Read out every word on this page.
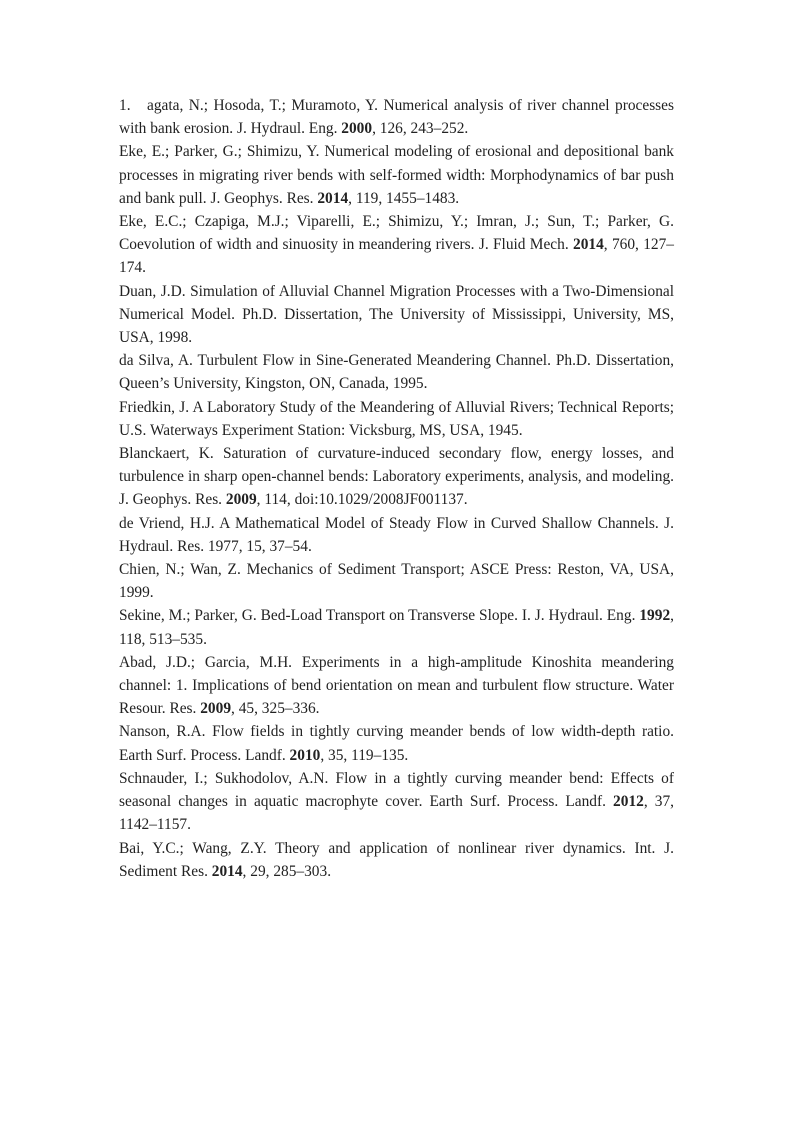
1. agata, N.; Hosoda, T.; Muramoto, Y. Numerical analysis of river channel processes with bank erosion. J. Hydraul. Eng. 2000, 126, 243–252.
Eke, E.; Parker, G.; Shimizu, Y. Numerical modeling of erosional and depositional bank processes in migrating river bends with self-formed width: Morphodynamics of bar push and bank pull. J. Geophys. Res. 2014, 119, 1455–1483.
Eke, E.C.; Czapiga, M.J.; Viparelli, E.; Shimizu, Y.; Imran, J.; Sun, T.; Parker, G. Coevolution of width and sinuosity in meandering rivers. J. Fluid Mech. 2014, 760, 127–174.
Duan, J.D. Simulation of Alluvial Channel Migration Processes with a Two-Dimensional Numerical Model. Ph.D. Dissertation, The University of Mississippi, University, MS, USA, 1998.
da Silva, A. Turbulent Flow in Sine-Generated Meandering Channel. Ph.D. Dissertation, Queen’s University, Kingston, ON, Canada, 1995.
Friedkin, J. A Laboratory Study of the Meandering of Alluvial Rivers; Technical Reports; U.S. Waterways Experiment Station: Vicksburg, MS, USA, 1945.
Blanckaert, K. Saturation of curvature-induced secondary flow, energy losses, and turbulence in sharp open-channel bends: Laboratory experiments, analysis, and modeling. J. Geophys. Res. 2009, 114, doi:10.1029/2008JF001137.
de Vriend, H.J. A Mathematical Model of Steady Flow in Curved Shallow Channels. J. Hydraul. Res. 1977, 15, 37–54.
Chien, N.; Wan, Z. Mechanics of Sediment Transport; ASCE Press: Reston, VA, USA, 1999.
Sekine, M.; Parker, G. Bed-Load Transport on Transverse Slope. I. J. Hydraul. Eng. 1992, 118, 513–535.
Abad, J.D.; Garcia, M.H. Experiments in a high-amplitude Kinoshita meandering channel: 1. Implications of bend orientation on mean and turbulent flow structure. Water Resour. Res. 2009, 45, 325–336.
Nanson, R.A. Flow fields in tightly curving meander bends of low width-depth ratio. Earth Surf. Process. Landf. 2010, 35, 119–135.
Schnauder, I.; Sukhodolov, A.N. Flow in a tightly curving meander bend: Effects of seasonal changes in aquatic macrophyte cover. Earth Surf. Process. Landf. 2012, 37, 1142–1157.
Bai, Y.C.; Wang, Z.Y. Theory and application of nonlinear river dynamics. Int. J. Sediment Res. 2014, 29, 285–303.
